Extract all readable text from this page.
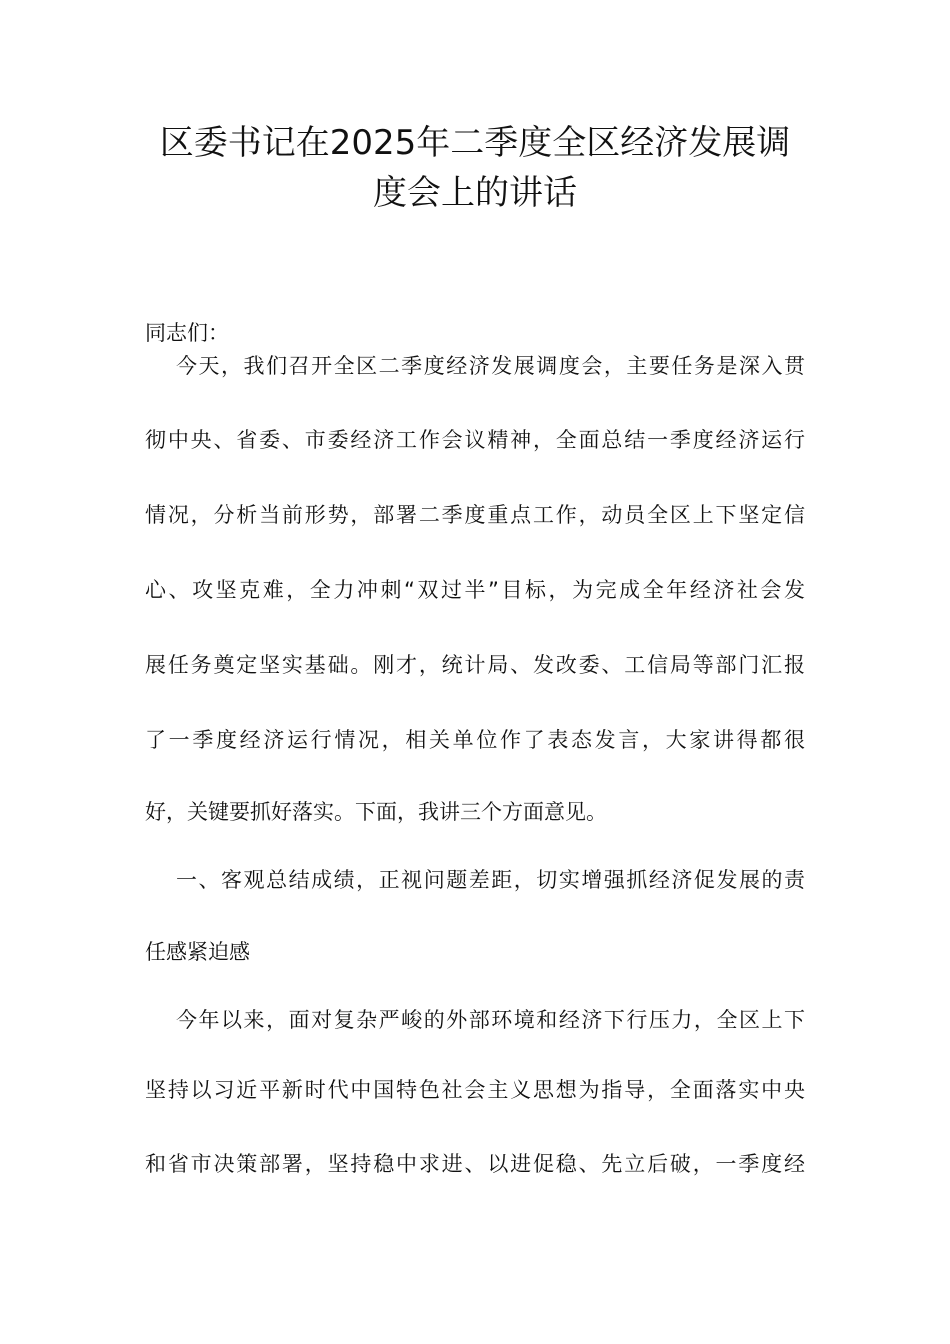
区委书记在2025年二季度全区经济发展调
度会上的讲话
同志们：
今天，我们召开全区二季度经济发展调度会，主要任务是深入贯
彻中央、省委、市委经济工作会议精神，全面总结一季度经济运行
情况，分析当前形势，部署二季度重点工作，动员全区上下坚定信
心、攻坚克难，全力冲刺“双过半”目标，为完成全年经济社会发
展任务奠定坚实基础。刚才，统计局、发改委、工信局等部门汇报
了一季度经济运行情况，相关单位作了表态发言，大家讲得都很
好，关键要抓好落实。下面，我讲三个方面意见。
一、客观总结成绩，正视问题差距，切实增强抓经济促发展的责
任感紧迫感
今年以来，面对复杂严峻的外部环境和经济下行压力，全区上下
坚持以习近平新时代中国特色社会主义思想为指导，全面落实中央
和省市决策部署，坚持稳中求进、以进促稳、先立后破，一季度经
